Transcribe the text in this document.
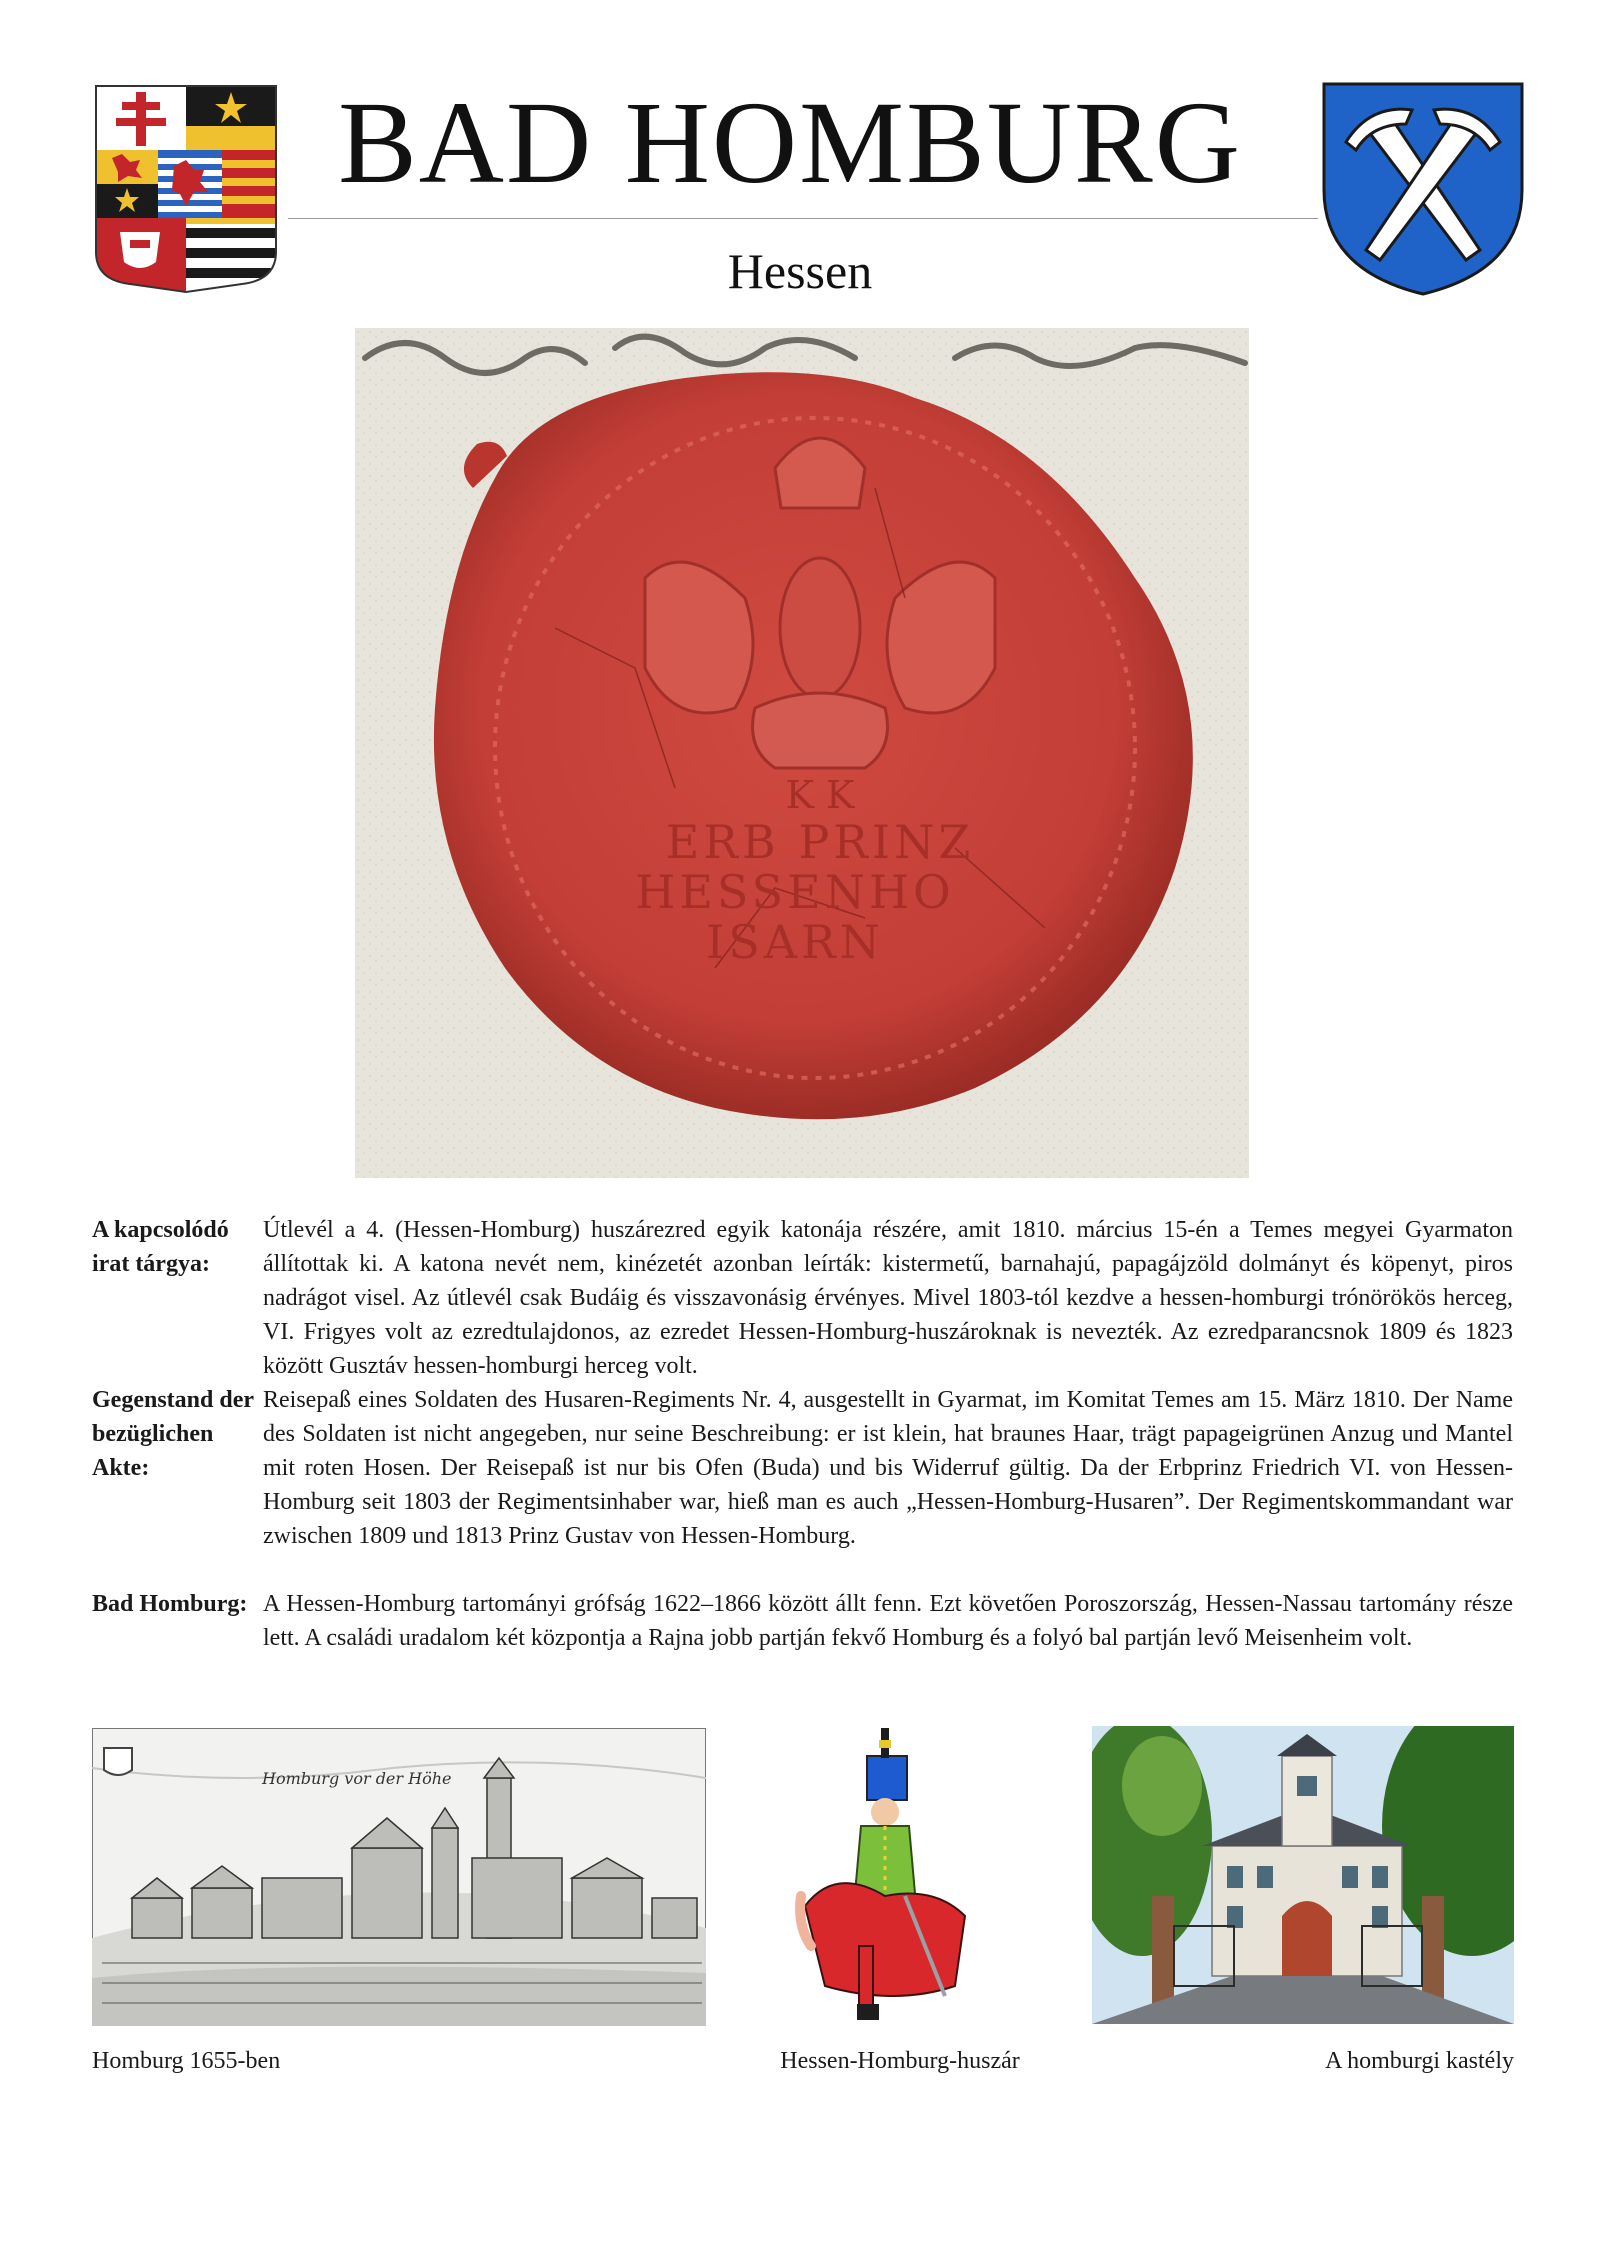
BAD HOMBURG
Hessen
K K
ERB PRINZ
HESSENHO
ISARN
A kapcsolódó irat tárgya:
Útlevél a 4. (Hessen-Homburg) huszárezred egyik katonája részére, amit 1810. március 15-én a Temes megyei Gyarmaton állítottak ki. A katona nevét nem, kinézetét azonban leírták: kistermetű, barnahajú, papagájzöld dolmányt és köpenyt, piros nadrágot visel. Az útlevél csak Budáig és visszavonásig érvényes. Mivel 1803-tól kezdve a hessen-homburgi trónörökös herceg, VI. Frigyes volt az ezredtulajdonos, az ezredet Hessen-Homburg-huszároknak is nevezték. Az ezredparancsnok 1809 és 1823 között Gusztáv hessen-homburgi herceg volt.
Gegenstand der bezüglichen Akte:
Reisepaß eines Soldaten des Husaren-Regiments Nr. 4, ausgestellt in Gyarmat, im Komitat Temes am 15. März 1810. Der Name des Soldaten ist nicht angegeben, nur seine Beschreibung: er ist klein, hat braunes Haar, trägt papageigrünen Anzug und Mantel mit roten Hosen. Der Reisepaß ist nur bis Ofen (Buda) und bis Widerruf gültig. Da der Erbprinz Friedrich VI. von Hessen-Homburg seit 1803 der Regimentsinhaber war, hieß man es auch „Hessen-Homburg-Husaren”. Der Regimentskommandant war zwischen 1809 und 1813 Prinz Gustav von Hessen-Homburg.
Bad Homburg: A Hessen-Homburg tartományi grófság 1622–1866 között állt fenn. Ezt követően Poroszország, Hessen-Nassau tartomány része lett. A családi uradalom két központja a Rajna jobb partján fekvő Homburg és a folyó bal partján levő Meisenheim volt.
Homburg vor der Höhe
Homburg 1655-ben	Hessen-Homburg-huszár	A homburgi kastély
